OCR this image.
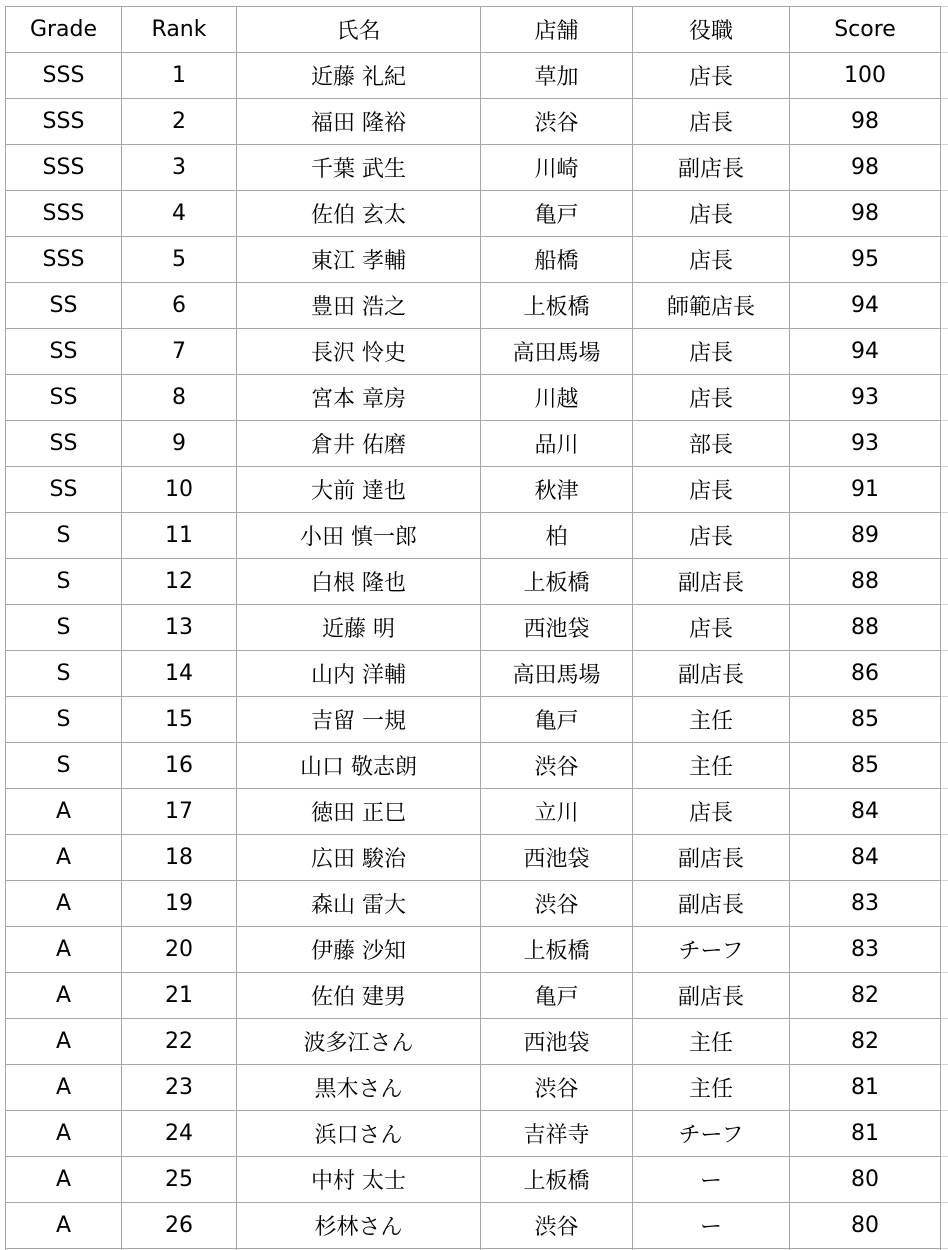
Grade	Rank	氏名	店舗	役職	Score	
SSS	1	近藤 礼紀	草加	店長	100	
SSS	2	福田 隆裕	渋谷	店長	98	
SSS	3	千葉 武生	川崎	副店長	98	
SSS	4	佐伯 玄太	亀戸	店長	98	
SSS	5	東江 孝輔	船橋	店長	95	
SS	6	豊田 浩之	上板橋	師範店長	94	
SS	7	長沢 怜史	高田馬場	店長	94	
SS	8	宮本 章房	川越	店長	93	
SS	9	倉井 佑磨	品川	部長	93	
SS	10	大前 達也	秋津	店長	91	
S	11	小田 慎一郎	柏	店長	89	
S	12	白根 隆也	上板橋	副店長	88	
S	13	近藤 明	西池袋	店長	88	
S	14	山内 洋輔	高田馬場	副店長	86	
S	15	吉留 一規	亀戸	主任	85	
S	16	山口 敬志朗	渋谷	主任	85	
A	17	徳田 正巳	立川	店長	84	
A	18	広田 駿治	西池袋	副店長	84	
A	19	森山 雷大	渋谷	副店長	83	
A	20	伊藤 沙知	上板橋	チーフ	83	
A	21	佐伯 建男	亀戸	副店長	82	
A	22	波多江さん	西池袋	主任	82	
A	23	黒木さん	渋谷	主任	81	
A	24	浜口さん	吉祥寺	チーフ	81	
A	25	中村 太士	上板橋	ー	80	
A	26	杉林さん	渋谷	ー	80	
